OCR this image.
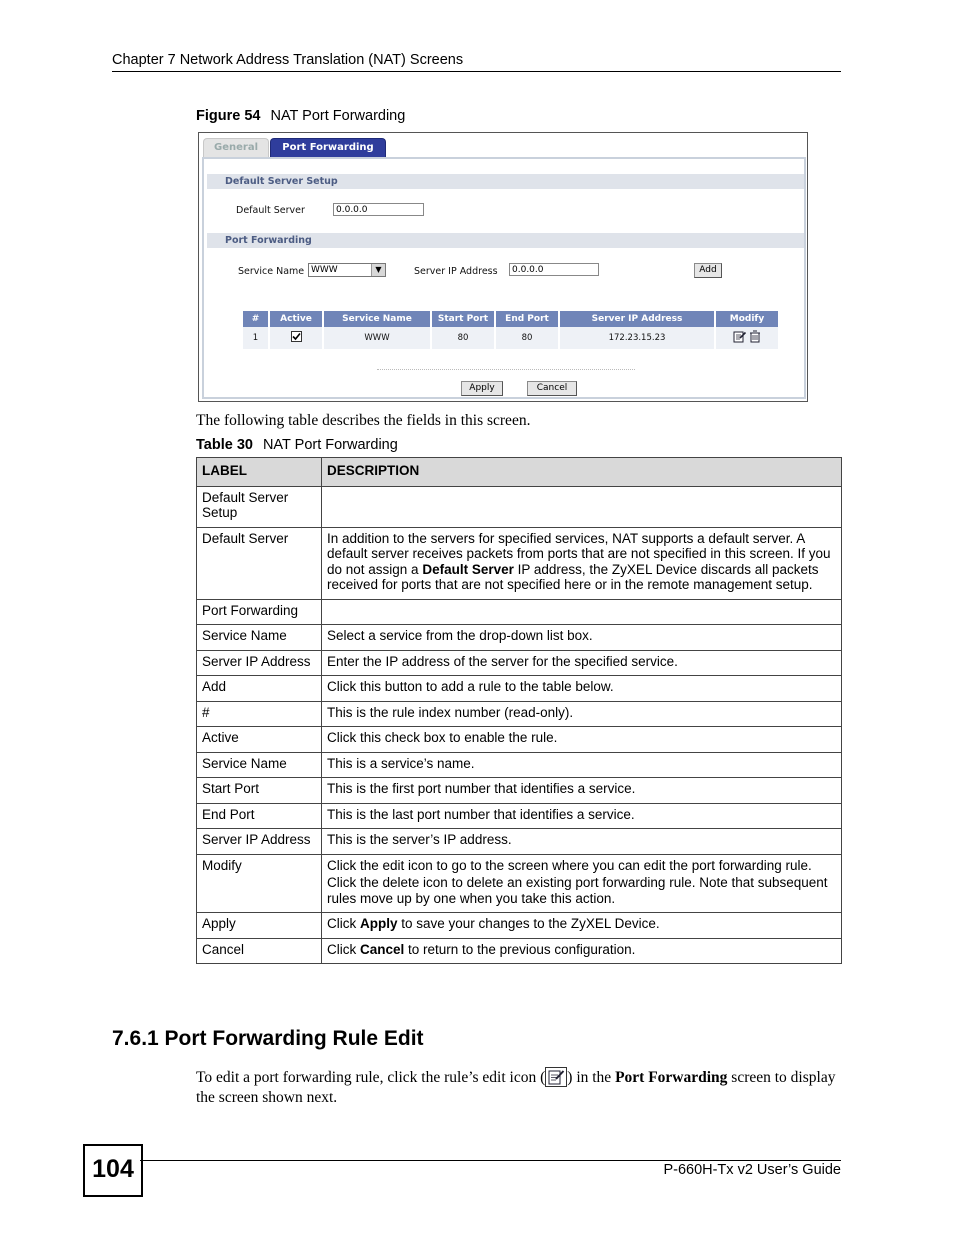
Chapter 7 Network Address Translation (NAT) Screens
Figure 54 NAT Port Forwarding
General	Port Forwarding
Default Server Setup
Default Server	0.0.0.0
Port Forwarding
Service Name WWW	▼	Server IP Address	0.0.0.0	Add
#	Active	Service Name	Start Port	End Port	Server IP Address	Modify
1		WWW	80	80	172.23.15.23	
Apply	Cancel
The following table describes the fields in this screen.
Table 30 NAT Port Forwarding
LABEL	DESCRIPTION
Default Server Setup	
Default Server	In addition to the servers for specified services, NAT supports a default server. A default server receives packets from ports that are not specified in this screen. If you do not assign a Default Server IP address, the ZyXEL Device discards all packets received for ports that are not specified here or in the remote management setup.
Port Forwarding	
Service Name	Select a service from the drop-down list box.
Server IP Address	Enter the IP address of the server for the specified service.
Add	Click this button to add a rule to the table below.
#	This is the rule index number (read-only).
Active	Click this check box to enable the rule.
Service Name	This is a service’s name.
Start Port	This is the first port number that identifies a service.
End Port	This is the last port number that identifies a service.
Server IP Address	This is the server’s IP address.
Modify	Click the edit icon to go to the screen where you can edit the port forwarding rule.
Click the delete icon to delete an existing port forwarding rule. Note that subsequent rules move up by one when you take this action.

Apply	Click Apply to save your changes to the ZyXEL Device.
Cancel	Click Cancel to return to the previous configuration.
7.6.1 Port Forwarding Rule Edit
To edit a port forwarding rule, click the rule’s edit icon ( ) in the Port Forwarding screen to display the screen shown next.
104	P-660H-Tx v2 User’s Guide
